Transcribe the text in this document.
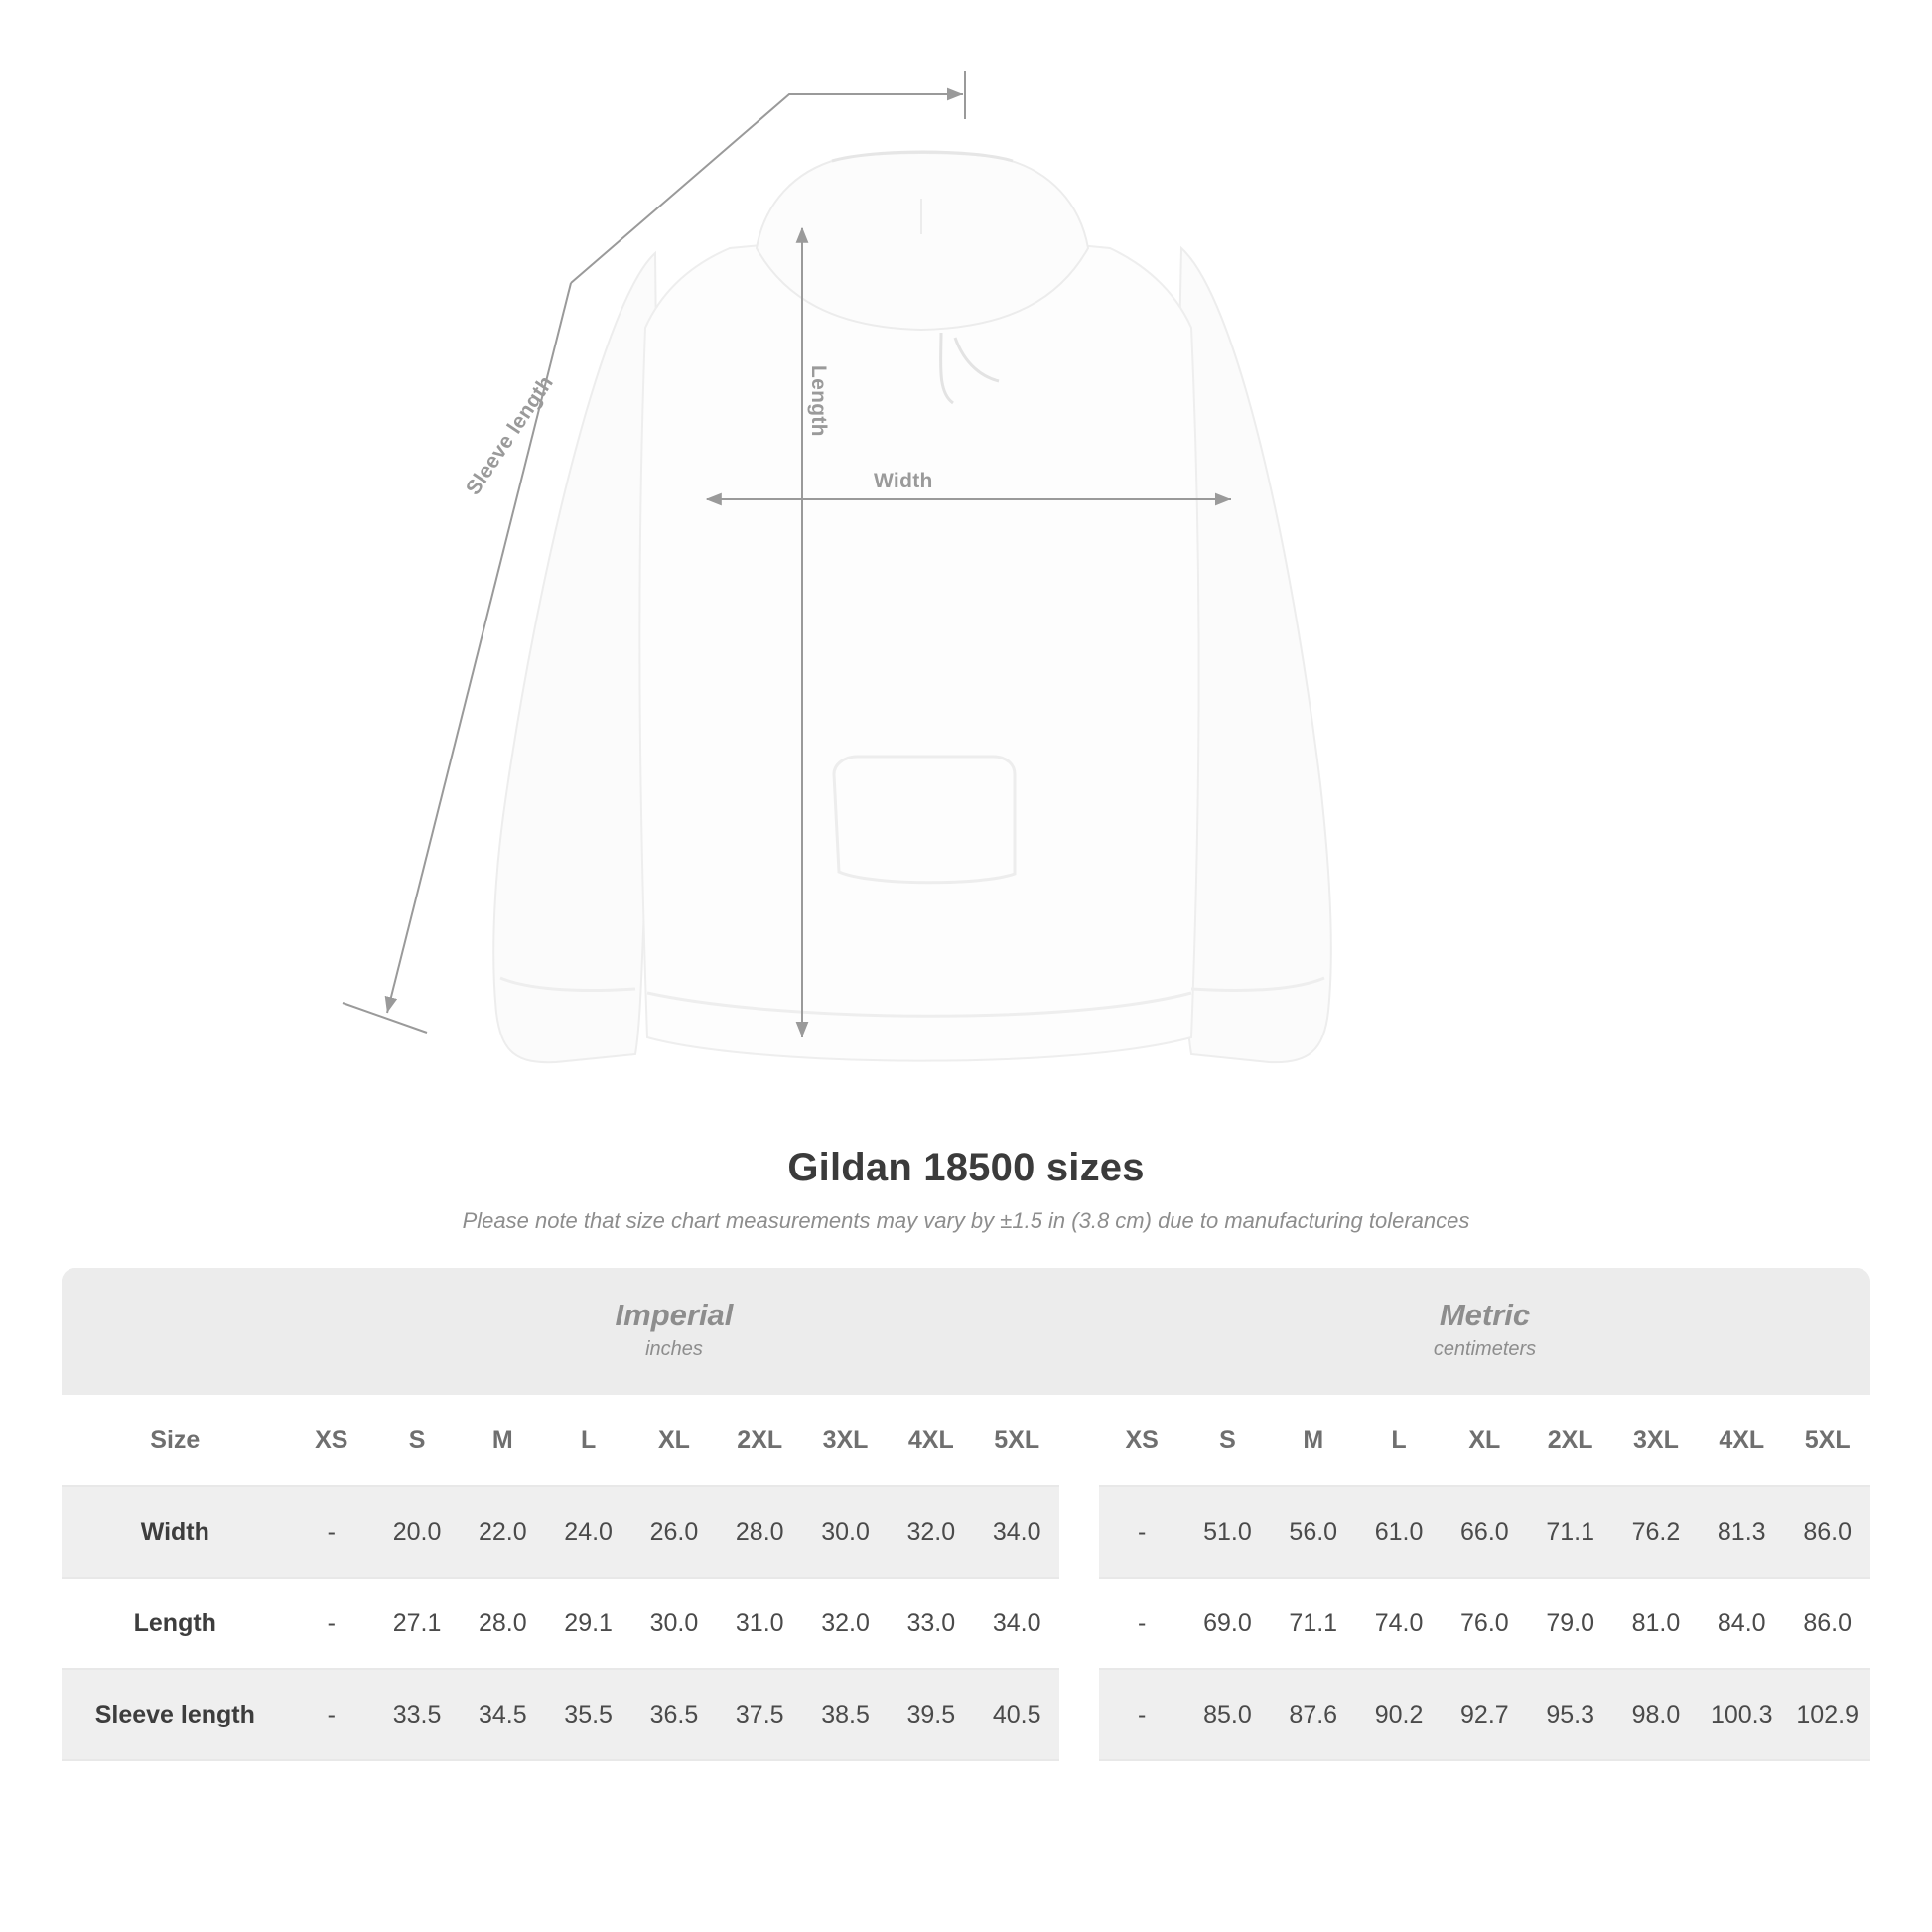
Length
Width
Sleeve length
Gildan 18500 sizes

Please note that size chart measurements may vary by ±1.5 in (3.8 cm) due to manufacturing tolerances

	Imperial
inches										Metric
centimeters								

Size	XS	S	M	L	XL	2XL	3XL	4XL	5XL		XS	S	M	L	XL	2XL	3XL	4XL	5XL
Width	-	20.0	22.0	24.0	26.0	28.0	30.0	32.0	34.0		-	51.0	56.0	61.0	66.0	71.1	76.2	81.3	86.0
Length	-	27.1	28.0	29.1	30.0	31.0	32.0	33.0	34.0		-	69.0	71.1	74.0	76.0	79.0	81.0	84.0	86.0
Sleeve length	-	33.5	34.5	35.5	36.5	37.5	38.5	39.5	40.5		-	85.0	87.6	90.2	92.7	95.3	98.0	100.3	102.9
